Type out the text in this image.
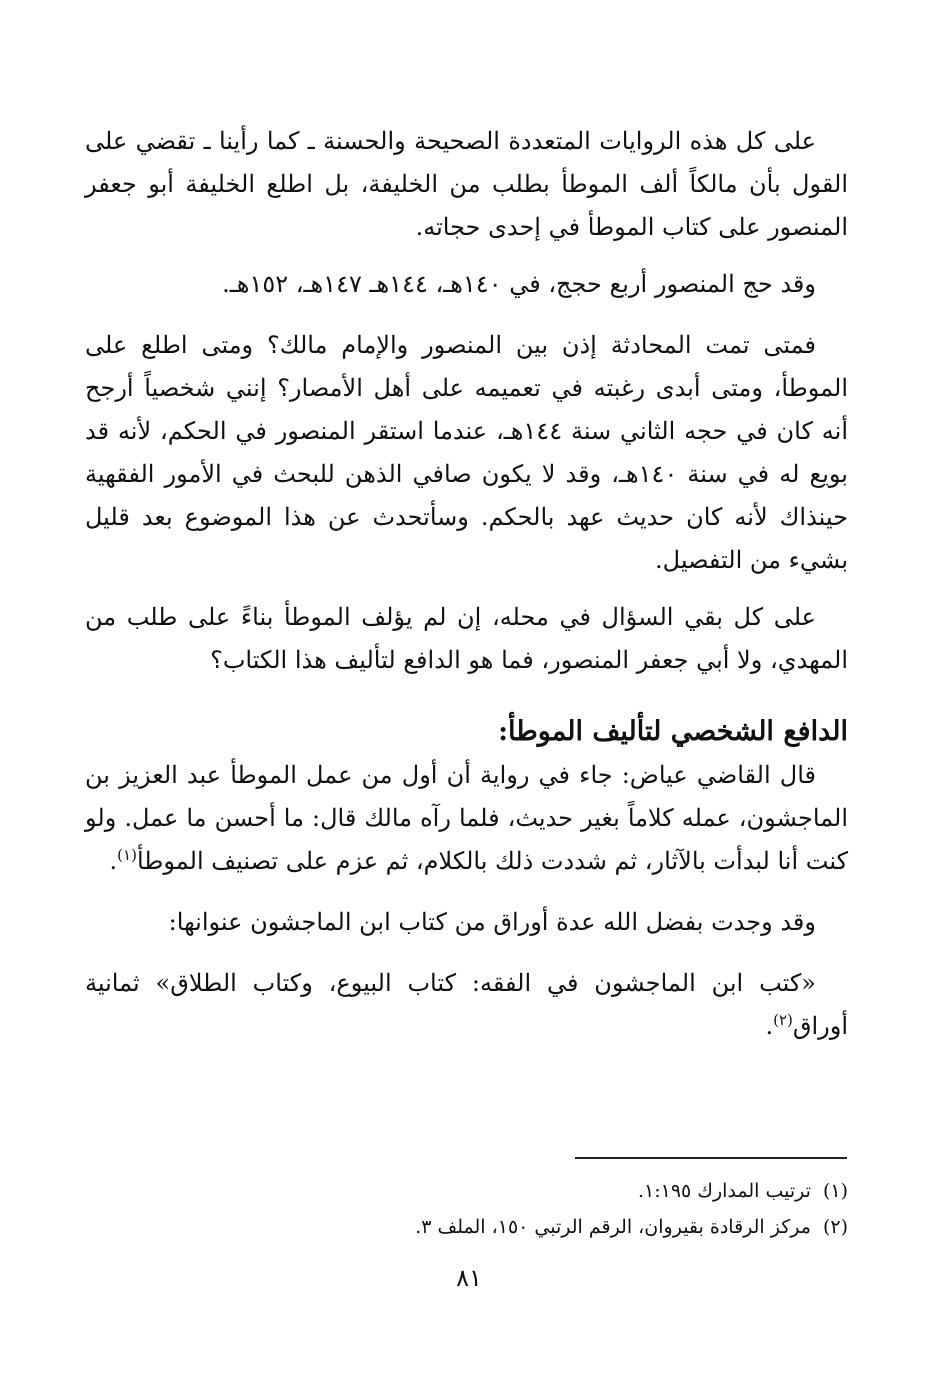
على كل هذه الروايات المتعددة الصحيحة والحسنة ـ كما رأينا ـ تقضي على القول بأن مالكاً ألف الموطأ بطلب من الخليفة، بل اطلع الخليفة أبو جعفر المنصور على كتاب الموطأ في إحدى حجاته.

وقد حج المنصور أربع حجج، في ١٤٠هـ، ١٤٤هـ ١٤٧هـ، ١٥٢هـ.

فمتى تمت المحادثة إذن بين المنصور والإمام مالك؟ ومتى اطلع على الموطأ، ومتى أبدى رغبته في تعميمه على أهل الأمصار؟ إنني شخصياً أرجح أنه كان في حجه الثاني سنة ١٤٤هـ، عندما استقر المنصور في الحكم، لأنه قد بويع له في سنة ١٤٠هـ، وقد لا يكون صافي الذهن للبحث في الأمور الفقهية حينذاك لأنه كان حديث عهد بالحكم. وسأتحدث عن هذا الموضوع بعد قليل بشيء من التفصيل.

على كل بقي السؤال في محله، إن لم يؤلف الموطأ بناءً على طلب من المهدي، ولا أبي جعفر المنصور، فما هو الدافع لتأليف هذا الكتاب؟

الدافع الشخصي لتأليف الموطأ:

قال القاضي عياض: جاء في رواية أن أول من عمل الموطأ عبد العزيز بن الماجشون، عمله كلاماً بغير حديث، فلما رآه مالك قال: ما أحسن ما عمل. ولو كنت أنا لبدأت بالآثار، ثم شددت ذلك بالكلام، ثم عزم على تصنيف الموطأ$^{(١)}$.

وقد وجدت بفضل الله عدة أوراق من كتاب ابن الماجشون عنوانها:

«كتب ابن الماجشون في الفقه: كتاب البيوع، وكتاب الطلاق» ثمانية أوراق$^{(٢)}$.

(١)ترتيب المدارك ١:١٩٥.

(٢)مركز الرقادة بقيروان، الرقم الرتبي ١٥٠، الملف ٣.

٨١
